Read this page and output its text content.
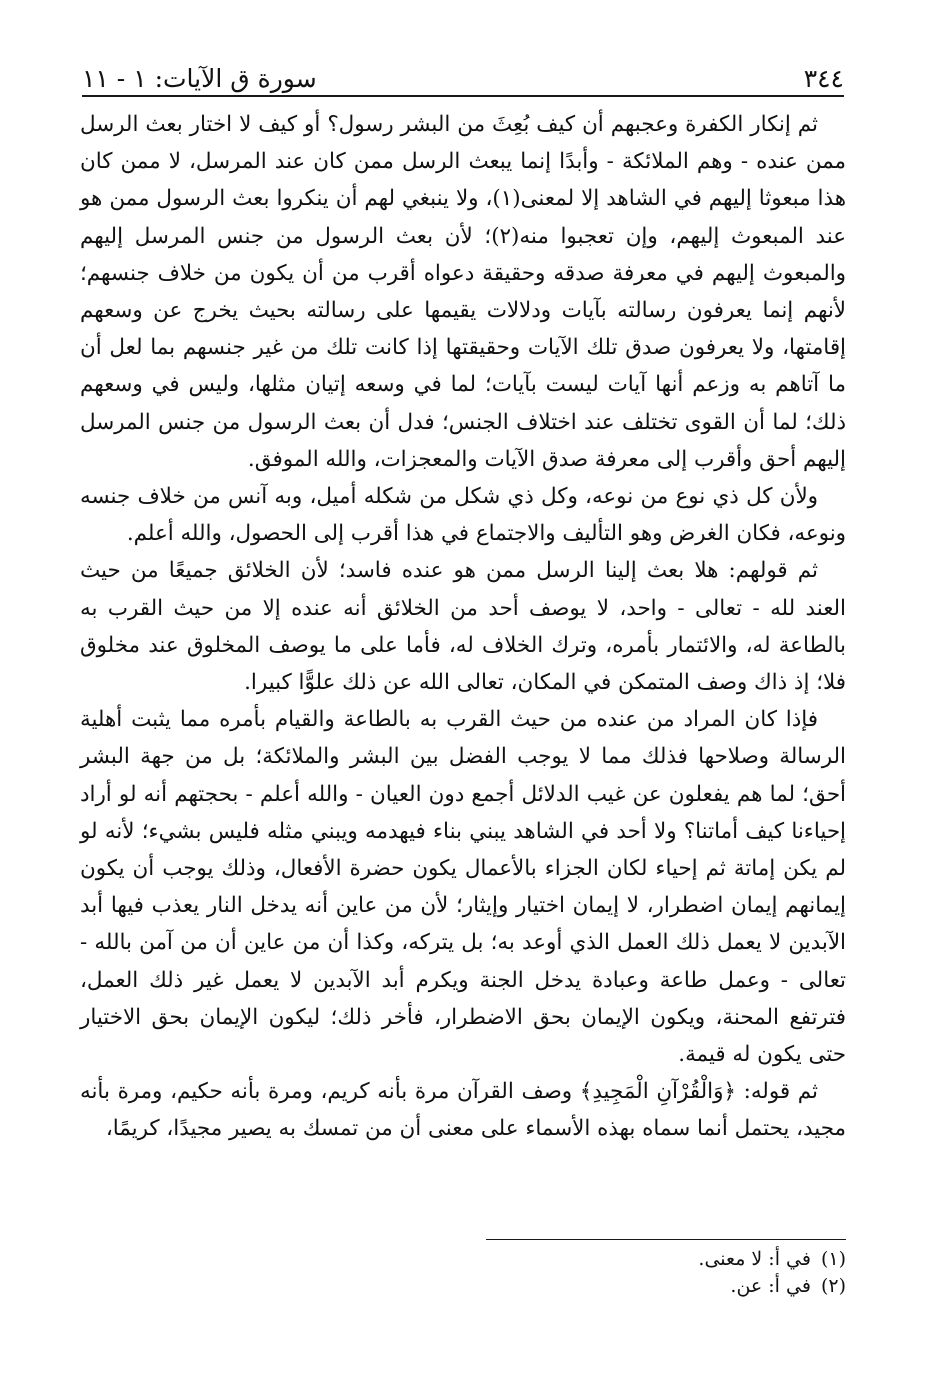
٣٤٤
سورة ق الآيات: ١ - ١١

ثم إنكار الكفرة وعجبهم أن كيف بُعِثَ من البشر رسول؟ أو كيف لا اختار بعث الرسل ممن عنده - وهم الملائكة - وأبدًا إنما يبعث الرسل ممن كان عند المرسل، لا ممن كان هذا مبعوثا إليهم في الشاهد إلا لمعنى(١)، ولا ينبغي لهم أن ينكروا بعث الرسول ممن هو عند المبعوث إليهم، وإن تعجبوا منه(٢)؛ لأن بعث الرسول من جنس المرسل إليهم والمبعوث إليهم في معرفة صدقه وحقيقة دعواه أقرب من أن يكون من خلاف جنسهم؛ لأنهم إنما يعرفون رسالته بآيات ودلالات يقيمها على رسالته بحيث يخرج عن وسعهم إقامتها، ولا يعرفون صدق تلك الآيات وحقيقتها إذا كانت تلك من غير جنسهم بما لعل أن ما آتاهم به وزعم أنها آيات ليست بآيات؛ لما في وسعه إتيان مثلها، وليس في وسعهم ذلك؛ لما أن القوى تختلف عند اختلاف الجنس؛ فدل أن بعث الرسول من جنس المرسل إليهم أحق وأقرب إلى معرفة صدق الآيات والمعجزات، والله الموفق.

ولأن كل ذي نوع من نوعه، وكل ذي شكل من شكله أميل، وبه آنس من خلاف جنسه ونوعه، فكان الغرض وهو التأليف والاجتماع في هذا أقرب إلى الحصول، والله أعلم.

ثم قولهم: هلا بعث إلينا الرسل ممن هو عنده فاسد؛ لأن الخلائق جميعًا من حيث العند لله - تعالى - واحد، لا يوصف أحد من الخلائق أنه عنده إلا من حيث القرب به بالطاعة له، والائتمار بأمره، وترك الخلاف له، فأما على ما يوصف المخلوق عند مخلوق فلا؛ إذ ذاك وصف المتمكن في المكان، تعالى الله عن ذلك علوًّا كبيرا.

فإذا كان المراد من عنده من حيث القرب به بالطاعة والقيام بأمره مما يثبت أهلية الرسالة وصلاحها فذلك مما لا يوجب الفضل بين البشر والملائكة؛ بل من جهة البشر أحق؛ لما هم يفعلون عن غيب الدلائل أجمع دون العيان - والله أعلم - بحجتهم أنه لو أراد إحياءنا كيف أماتنا؟ ولا أحد في الشاهد يبني بناء فيهدمه ويبني مثله فليس بشيء؛ لأنه لو لم يكن إماتة ثم إحياء لكان الجزاء بالأعمال يكون حضرة الأفعال، وذلك يوجب أن يكون إيمانهم إيمان اضطرار، لا إيمان اختيار وإيثار؛ لأن من عاين أنه يدخل النار يعذب فيها أبد الآبدين لا يعمل ذلك العمل الذي أوعد به؛ بل يتركه، وكذا أن من عاين أن من آمن بالله - تعالى - وعمل طاعة وعبادة يدخل الجنة ويكرم أبد الآبدين لا يعمل غير ذلك العمل، فترتفع المحنة، ويكون الإيمان بحق الاضطرار، فأخر ذلك؛ ليكون الإيمان بحق الاختيار حتى يكون له قيمة.

ثم قوله: ﴿وَالْقُرْآنِ الْمَجِيدِ﴾ وصف القرآن مرة بأنه كريم، ومرة بأنه حكيم، ومرة بأنه مجيد، يحتمل أنما سماه بهذه الأسماء على معنى أن من تمسك به يصير مجيدًا، كريمًا،

(١)
في أ: لا معنى.
(٢)
في أ: عن.
